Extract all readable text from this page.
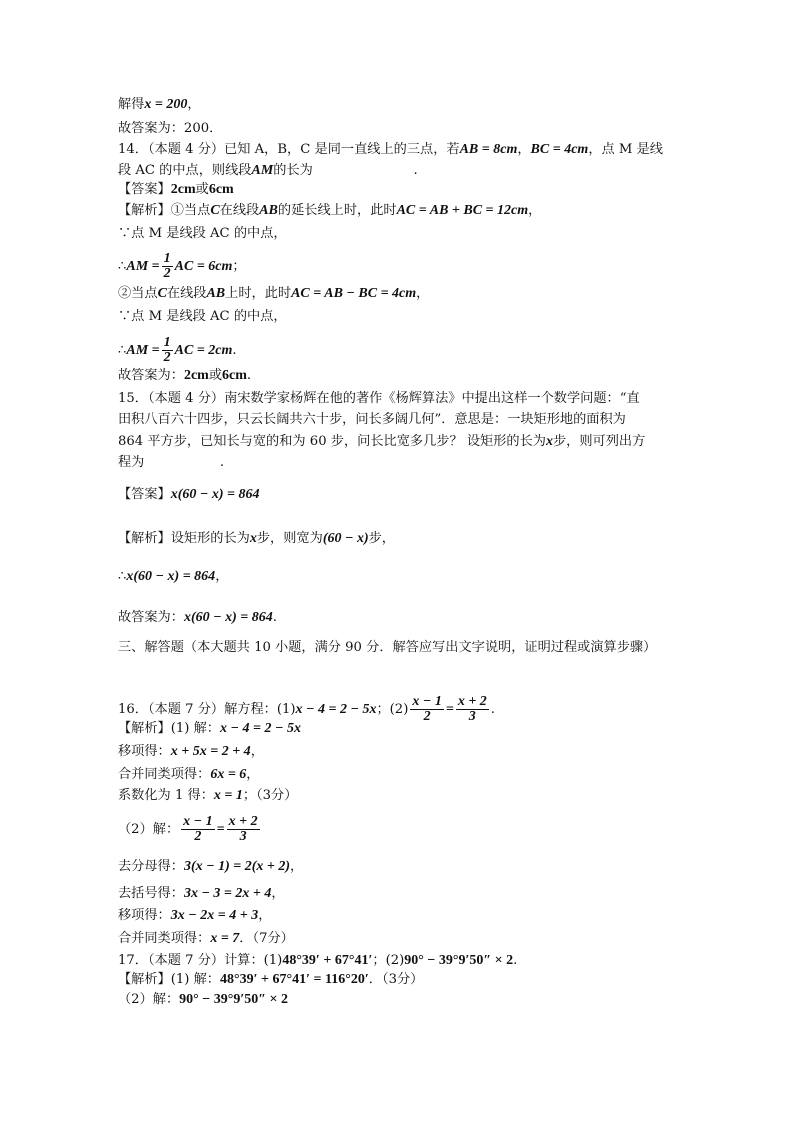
解得x = 200，
故答案为：200．
14．（本题 4 分）已知 A，B，C 是同一直线上的三点，若AB = 8cm，BC = 4cm，点 M 是线
段 AC 的中点，则线段AM的长为                        .
【答案】2cm或6cm
【解析】①当点C在线段AB的延长线上时，此时AC = AB + BC = 12cm，
∵点 M 是线段 AC 的中点，
∴AM = $\frac{1}{2}$ AC = 6cm；
②当点C在线段AB上时，此时AC = AB − BC = 4cm，
∵点 M 是线段 AC 的中点，
∴AM = $\frac{1}{2}$ AC = 2cm.
故答案为：2cm或6cm.
15．（本题 4 分）南宋数学家杨辉在他的著作《杨辉算法》中提出这样一个数学问题：“直
田积八百六十四步，只云长阔共六十步，问长多阔几何”．意思是：一块矩形地的面积为
864 平方步，已知长与宽的和为 60 步，问长比宽多几步？ 设矩形的长为x步，则可列出方
程为                  .
【答案】x(60 − x) = 864
【解析】设矩形的长为x步，则宽为(60 − x)步，
∴x(60 − x) = 864，
故答案为：x(60 − x) = 864.
三、解答题（本大题共 10 小题，满分 90 分．解答应写出文字说明，证明过程或演算步骤）
16．（本题 7 分）解方程：(1)x − 4 = 2 − 5x；$(2) \frac{x - 1}{2} = \frac{x + 2}{3}$ .
【解析】(1) 解：x − 4 = 2 − 5x
移项得：x + 5x = 2 + 4，
合并同类项得：6x = 6，
系数化为 1 得：x = 1；（3分）
（2）解： $\frac{x - 1}{2} = \frac{x + 2}{3}$
去分母得：3(x − 1) = 2(x + 2)，
去括号得：3x − 3 = 2x + 4，
移项得：3x − 2x = 4 + 3，
合并同类项得：x = 7．（7分）
17．（本题 7 分）计算：(1)48°39′ + 67°41′；(2)90° − 39°9′50″ × 2.
【解析】(1) 解：48°39′ + 67°41′ = 116°20′．（3分）
（2）解：90° − 39°9′50″ × 2
